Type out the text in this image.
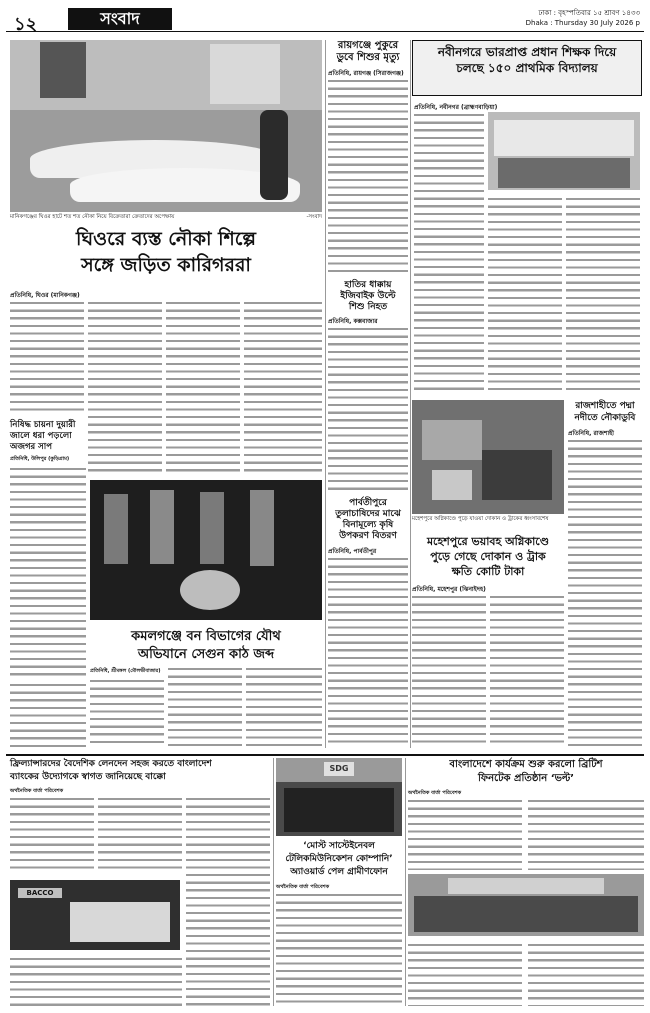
১২	সংবাদ	ঢাকা : বৃহস্পতিবার ১৫ শ্রাবণ ১৪৩৩
Dhaka : Thursday 30 July 2026 p
মানিকগঞ্জের ঘিওর হাটে শত শত নৌকা নিয়ে বিক্রেতারা ক্রেতাদের অপেক্ষায়	-সংবাদ
রায়গঞ্জে পুকুরে
ডুবে শিশুর মৃত্যু
প্রতিনিধি, রায়গঞ্জ (সিরাজগঞ্জ)
হাতির ধাক্কায়
ইজিবাইক উল্টে
শিশু নিহত
প্রতিনিধি, কক্সবাজার
নবীনগরে ভারপ্রাপ্ত প্রধান শিক্ষক দিয়ে
চলছে ১৫০ প্রাথমিক বিদ্যালয়
প্রতিনিধি, নবীনগর (ব্রাহ্মণবাড়িয়া)
ঘিওরে ব্যস্ত নৌকা শিল্পে
সঙ্গে জড়িত কারিগররা
প্রতিনিধি, ঘিওর (মানিকগঞ্জ)
নিষিদ্ধ চায়না দুয়ারী
জালে ধরা পড়লো
অজগর সাপ
প্রতিনিধি, উলিপুর (কুড়িগ্রাম)
পার্বতীপুরে
তুলাচাষিদের মাঝে
বিনামূল্যে কৃষি
উপকরণ বিতরণ
প্রতিনিধি, পার্বতীপুর
মহেশপুরে অগ্নিকাণ্ডে পুড়ে যাওয়া দোকান ও ট্রাকের ধ্বংসাবশেষ
রাজশাহীতে পদ্মা
নদীতে নৌকাডুবি
প্রতিনিধি, রাজশাহী
মহেশপুরে ভয়াবহ অগ্নিকাণ্ডে
পুড়ে গেছে দোকান ও ট্রাক
ক্ষতি কোটি টাকা
প্রতিনিধি, মহেশপুর (ঝিনাইদহ)
কমলগঞ্জে বন বিভাগের যৌথ
অভিযানে সেগুন কাঠ জব্দ
প্রতিনিধি, শ্রীমঙ্গল (মৌলভীবাজার)
ফ্রিল্যান্সারদের বৈদেশিক লেনদেন সহজ করতে বাংলাদেশ
ব্যাংকের উদ্যোগকে স্বাগত জানিয়েছে বাক্কো
অর্থনৈতিক বার্তা পরিবেশক
BACCO
SDG
‘মোস্ট সাস্টেইনেবল
টেলিকমিউনিকেশন কোম্পানি’
অ্যাওয়ার্ড পেল গ্রামীণফোন
অর্থনৈতিক বার্তা পরিবেশক
বাংলাদেশে কার্যক্রম শুরু করলো ব্রিটিশ
ফিনটেক প্রতিষ্ঠান ‘ভল্ট’
অর্থনৈতিক বার্তা পরিবেশক
